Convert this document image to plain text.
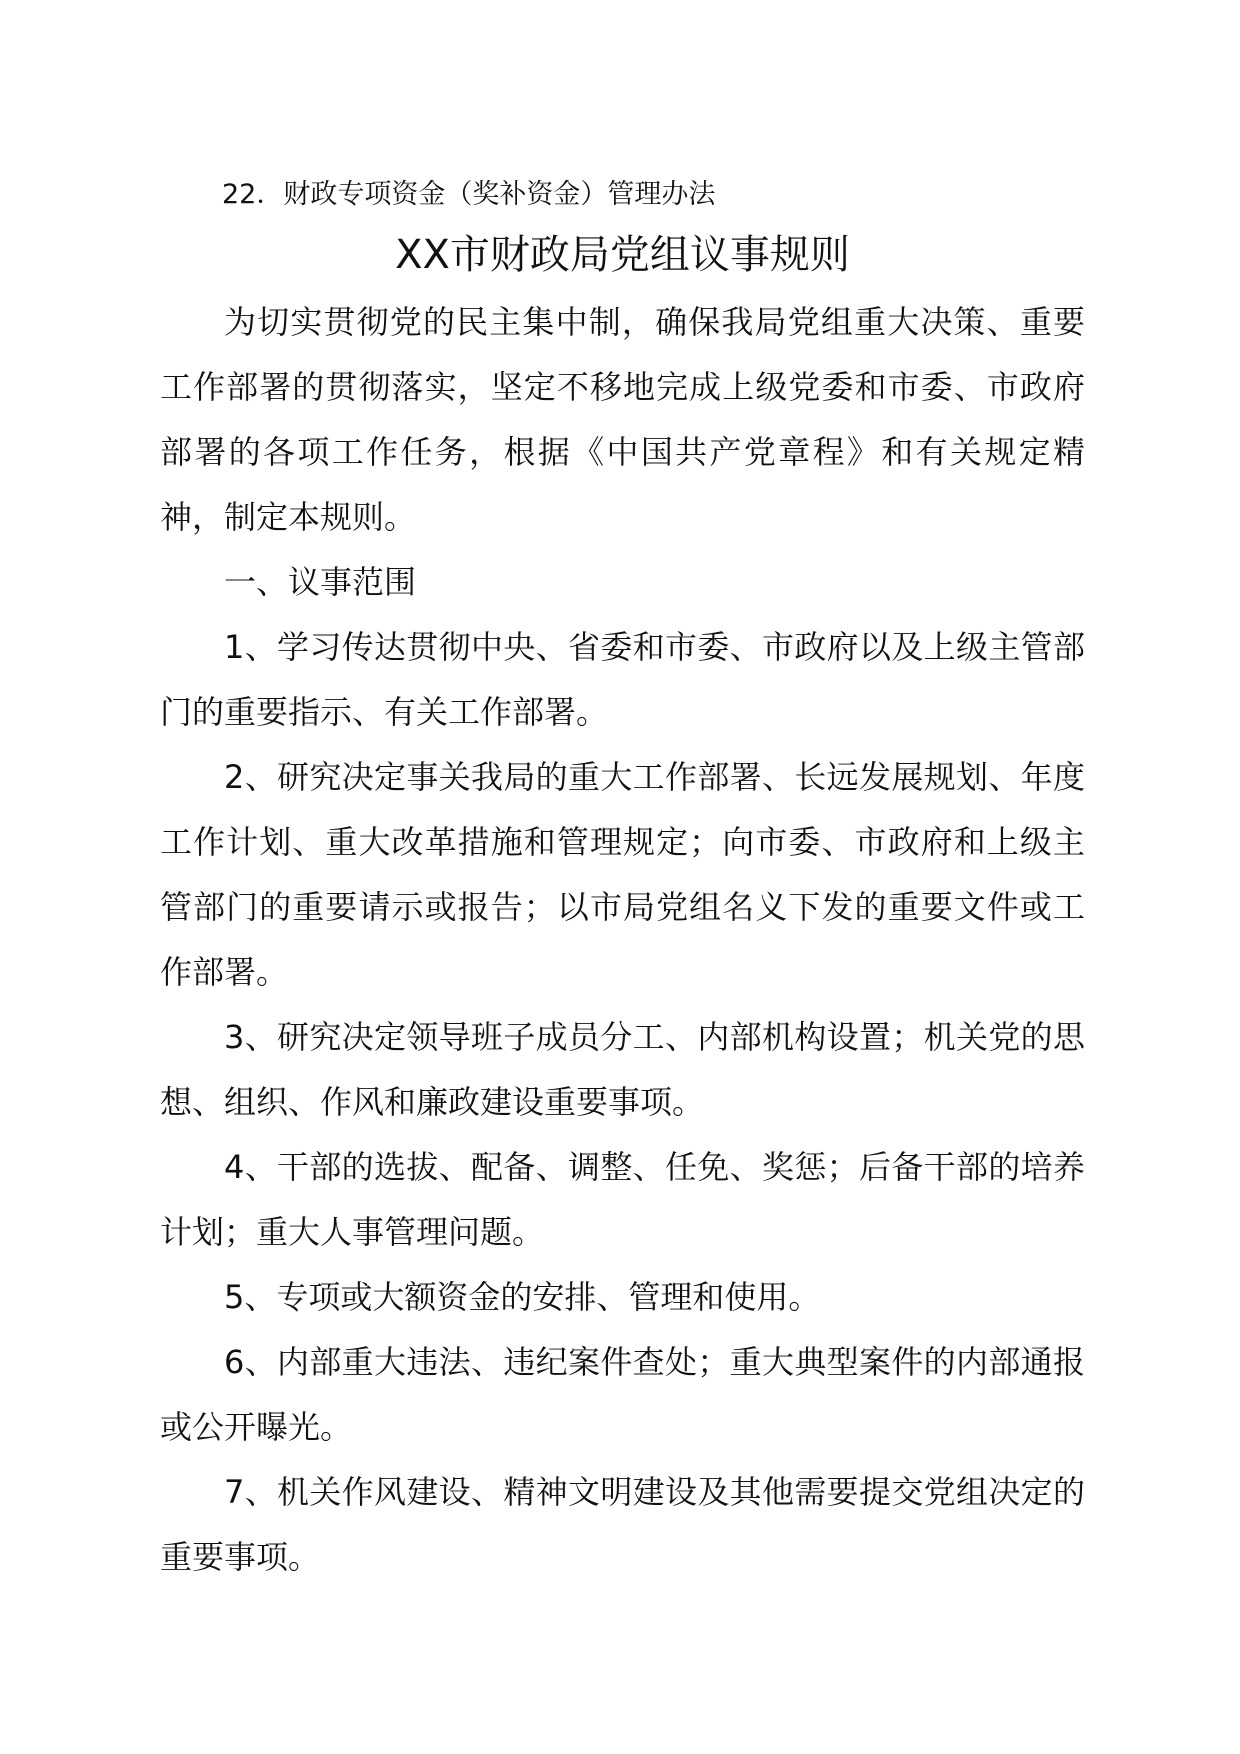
22．财政专项资金（奖补资金）管理办法

XX市财政局党组议事规则

为切实贯彻党的民主集中制，确保我局党组重大决策、重要工作部署的贯彻落实，坚定不移地完成上级党委和市委、市政府部署的各项工作任务，根据《中国共产党章程》和有关规定精神，制定本规则。

一、议事范围

1、学习传达贯彻中央、省委和市委、市政府以及上级主管部门的重要指示、有关工作部署。

2、研究决定事关我局的重大工作部署、长远发展规划、年度工作计划、重大改革措施和管理规定；向市委、市政府和上级主管部门的重要请示或报告；以市局党组名义下发的重要文件或工作部署。

3、研究决定领导班子成员分工、内部机构设置；机关党的思想、组织、作风和廉政建设重要事项。

4、干部的选拔、配备、调整、任免、奖惩；后备干部的培养计划；重大人事管理问题。

5、专项或大额资金的安排、管理和使用。

6、内部重大违法、违纪案件查处；重大典型案件的内部通报或公开曝光。

7、机关作风建设、精神文明建设及其他需要提交党组决定的重要事项。
